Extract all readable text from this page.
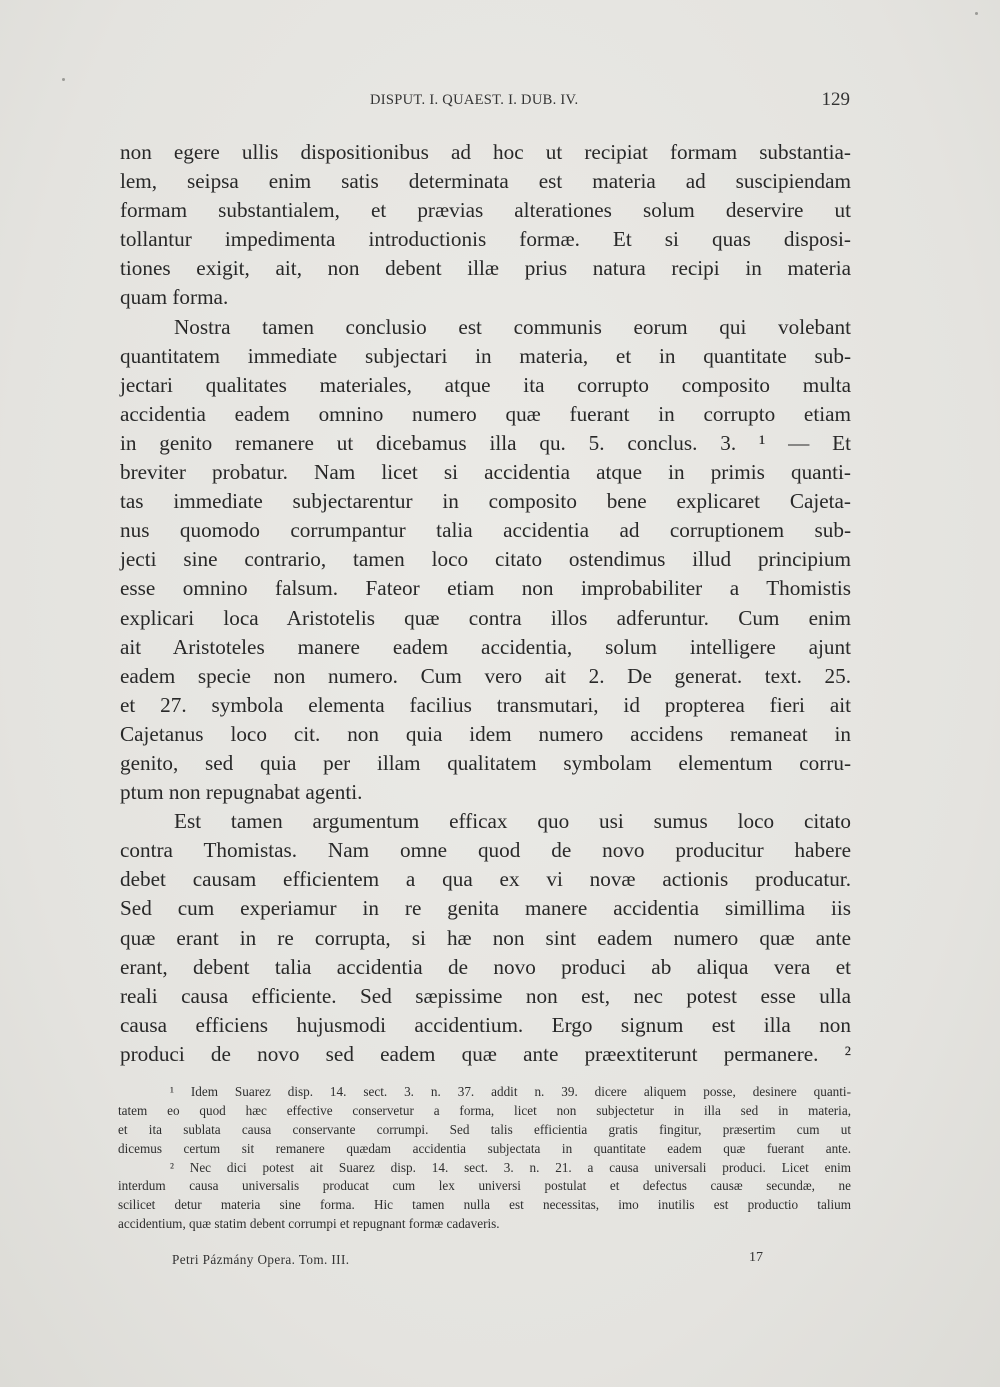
DISPUT. I. QUAEST. I. DUB. IV.	129
non egere ullis dispositionibus ad hoc ut recipiat formam substantia-
lem, seipsa enim satis determinata est materia ad suscipiendam
formam substantialem, et prævias alterationes solum deservire ut
tollantur impedimenta introductionis formæ. Et si quas disposi-
tiones exigit, ait, non debent illæ prius natura recipi in materia
quam forma.
Nostra tamen conclusio est communis eorum qui volebant
quantitatem immediate subjectari in materia, et in quantitate sub-
jectari qualitates materiales, atque ita corrupto composito multa
accidentia eadem omnino numero quæ fuerant in corrupto etiam
in genito remanere ut dicebamus illa qu. 5. conclus. 3. ¹ — Et
breviter probatur. Nam licet si accidentia atque in primis quanti-
tas immediate subjectarentur in composito bene explicaret Cajeta-
nus quomodo corrumpantur talia accidentia ad corruptionem sub-
jecti sine contrario, tamen loco citato ostendimus illud principium
esse omnino falsum. Fateor etiam non improbabiliter a Thomistis
explicari loca Aristotelis quæ contra illos adferuntur. Cum enim
ait Aristoteles manere eadem accidentia, solum intelligere ajunt
eadem specie non numero. Cum vero ait 2. De generat. text. 25.
et 27. symbola elementa facilius transmutari, id propterea fieri ait
Cajetanus loco cit. non quia idem numero accidens remaneat in
genito, sed quia per illam qualitatem symbolam elementum corru-
ptum non repugnabat agenti.
Est tamen argumentum efficax quo usi sumus loco citato
contra Thomistas. Nam omne quod de novo producitur habere
debet causam efficientem a qua ex vi novæ actionis producatur.
Sed cum experiamur in re genita manere accidentia simillima iis
quæ erant in re corrupta, si hæ non sint eadem numero quæ ante
erant, debent talia accidentia de novo produci ab aliqua vera et
reali causa efficiente. Sed sæpissime non est, nec potest esse ulla
causa efficiens hujusmodi accidentium. Ergo signum est illa non
produci de novo sed eadem quæ ante præextiterunt permanere. ²
¹ Idem Suarez disp. 14. sect. 3. n. 37. addit n. 39. dicere aliquem posse, desinere quanti-
tatem eo quod hæc effective conservetur a forma, licet non subjectetur in illa sed in materia,
et ita sublata causa conservante corrumpi. Sed talis efficientia gratis fingitur, præsertim cum ut
dicemus certum sit remanere quædam accidentia subjectata in quantitate eadem quæ fuerant ante.
² Nec dici potest ait Suarez disp. 14. sect. 3. n. 21. a causa universali produci. Licet enim
interdum causa universalis producat cum lex universi postulat et defectus causæ secundæ, ne
scilicet detur materia sine forma. Hic tamen nulla est necessitas, imo inutilis est productio talium
accidentium, quæ statim debent corrumpi et repugnant formæ cadaveris.
Petri Pázmány Opera. Tom. III.	17
